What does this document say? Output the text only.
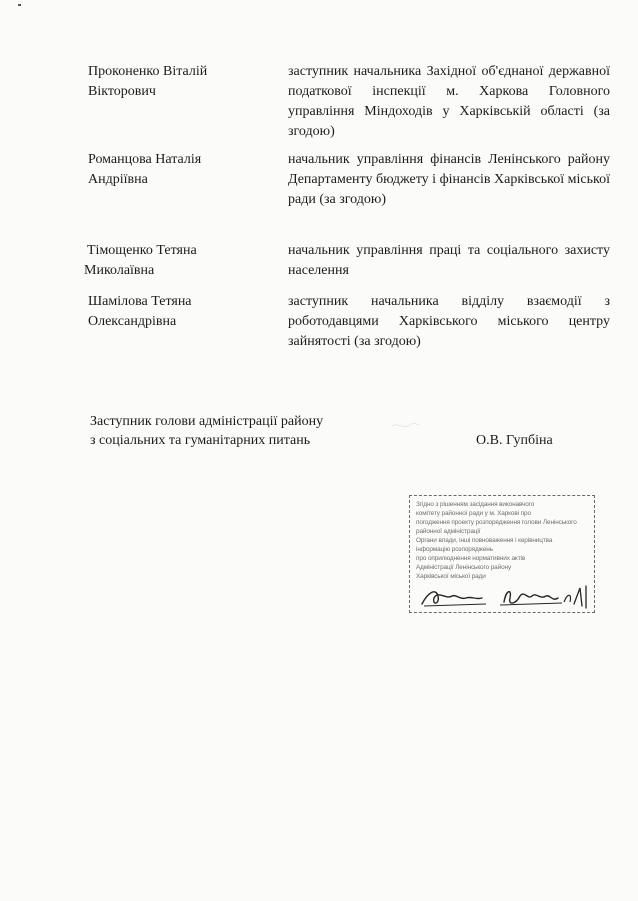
Проконенко Віталій
Вікторович
заступник начальника Західної об'єднаної державної податкової інспекції м. Харкова Головного управління Міндоходів у Харківській області (за згодою)
Романцова Наталія
Андріївна
начальник управління фінансів Ленінського району Департаменту бюджету і фінансів Харківської міської ради (за згодою)
Тімощенко Тетяна
Миколаївна
начальник управління праці та соціального захисту населення
Шамілова Тетяна
Олександрівна
заступник начальника відділу взаємодії з роботодавцями Харківського міського центру зайнятості (за згодою)
Заступник голови адміністрації району
з соціальних та гуманітарних питань	О.В. Гупбіна
Згідно з рішенням засідання виконавчого
комітету районної ради у м. Харкові про
погодження проекту розпорядження голови Ленінського
районної адміністрації
Органи влади, інші повноваження і керівництва
інформацію розпоряджень
про оприлюднення нормативних актів
Адміністрації Ленінського району
Харківської міської ради
